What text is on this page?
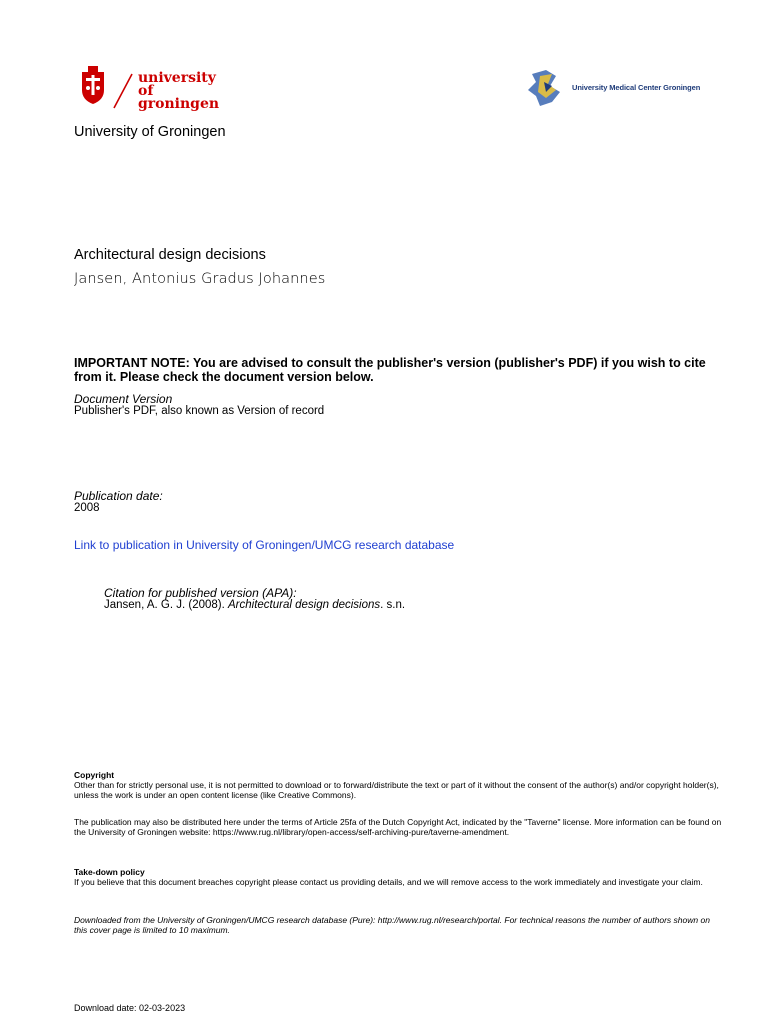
university of
groningen
University Medical Center Groningen
University of Groningen
Architectural design decisions
Jansen, Antonius Gradus Johannes
IMPORTANT NOTE: You are advised to consult the publisher's version (publisher's PDF) if you wish to cite from it. Please check the document version below.
Document Version
Publisher's PDF, also known as Version of record
Publication date:
2008
Link to publication in University of Groningen/UMCG research database
Citation for published version (APA):
Jansen, A. G. J. (2008). Architectural design decisions. s.n.
Copyright
Other than for strictly personal use, it is not permitted to download or to forward/distribute the text or part of it without the consent of the author(s) and/or copyright holder(s), unless the work is under an open content license (like Creative Commons).
The publication may also be distributed here under the terms of Article 25fa of the Dutch Copyright Act, indicated by the "Taverne" license. More information can be found on the University of Groningen website: https://www.rug.nl/library/open-access/self-archiving-pure/taverne-amendment.
Take-down policy
If you believe that this document breaches copyright please contact us providing details, and we will remove access to the work immediately and investigate your claim.
Downloaded from the University of Groningen/UMCG research database (Pure): http://www.rug.nl/research/portal. For technical reasons the number of authors shown on this cover page is limited to 10 maximum.
Download date: 02-03-2023
